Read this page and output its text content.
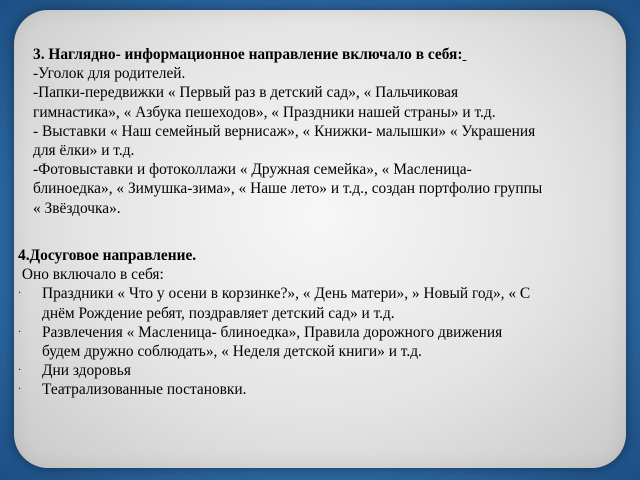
3. Наглядно- информационное направление включало в себя:
-Уголок для родителей.
-Папки-передвижки « Первый раз в детский сад», « Пальчиковая
гимнастика», « Азбука пешеходов», « Праздники нашей страны» и т.д.
- Выставки « Наш семейный вернисаж», « Книжки- малышки» « Украшения
для ёлки» и т.д.
-Фотовыставки и фотоколлажи « Дружная семейка», « Масленица-
блиноедка», « Зимушка-зима», « Наше лето» и т.д., создан портфолио группы
« Звёздочка».
4.Досуговое направление.
Оно включало в себя:
· Праздники « Что у осени в корзинке?», « День матери», » Новый год», « С
днём Рождение ребят, поздравляет детский сад» и т.д.
· Развлечения « Масленица- блиноедка», Правила дорожного движения
будем дружно соблюдать», « Неделя детской книги» и т.д.
· Дни здоровья
· Театрализованные постановки.
